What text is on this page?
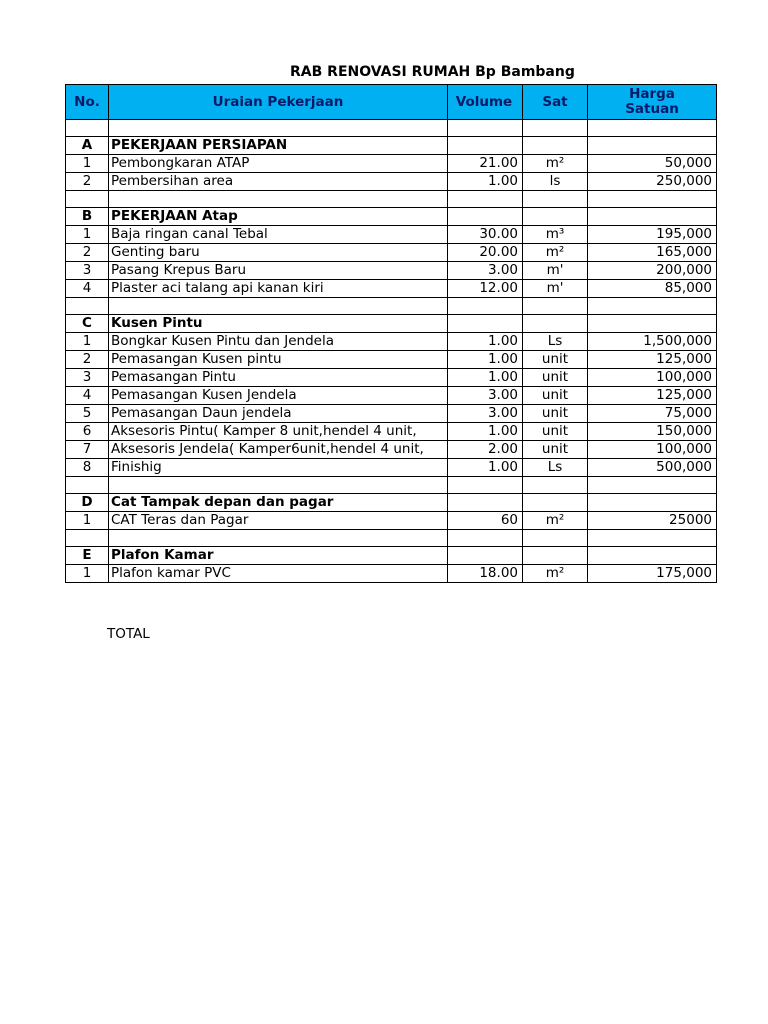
RAB RENOVASI RUMAH Bp Bambang
No.	Uraian Pekerjaan	Volume	Sat	Harga Satuan

A	PEKERJAAN PERSIAPAN			
1	Pembongkaran ATAP	21.00	m²	50,000
2	Pembersihan area	1.00	ls	250,000

B	PEKERJAAN Atap			
1	Baja ringan canal Tebal	30.00	m³	195,000
2	Genting baru	20.00	m²	165,000
3	Pasang Krepus Baru	3.00	m'	200,000
4	Plaster aci talang api kanan kiri	12.00	m'	85,000

C	Kusen Pintu			
1	Bongkar Kusen Pintu dan Jendela	1.00	Ls	1,500,000
2	Pemasangan Kusen pintu	1.00	unit	125,000
3	Pemasangan Pintu	1.00	unit	100,000
4	Pemasangan Kusen Jendela	3.00	unit	125,000
5	Pemasangan Daun jendela	3.00	unit	75,000
6	Aksesoris Pintu( Kamper 8 unit,hendel 4 unit,	1.00	unit	150,000
7	Aksesoris Jendela( Kamper6unit,hendel 4 unit,	2.00	unit	100,000
8	Finishig	1.00	Ls	500,000

D	Cat Tampak depan dan pagar			
1	CAT Teras dan Pagar	60	m²	25000

E	Plafon Kamar			
1	Plafon kamar PVC	18.00	m²	175,000
TOTAL
